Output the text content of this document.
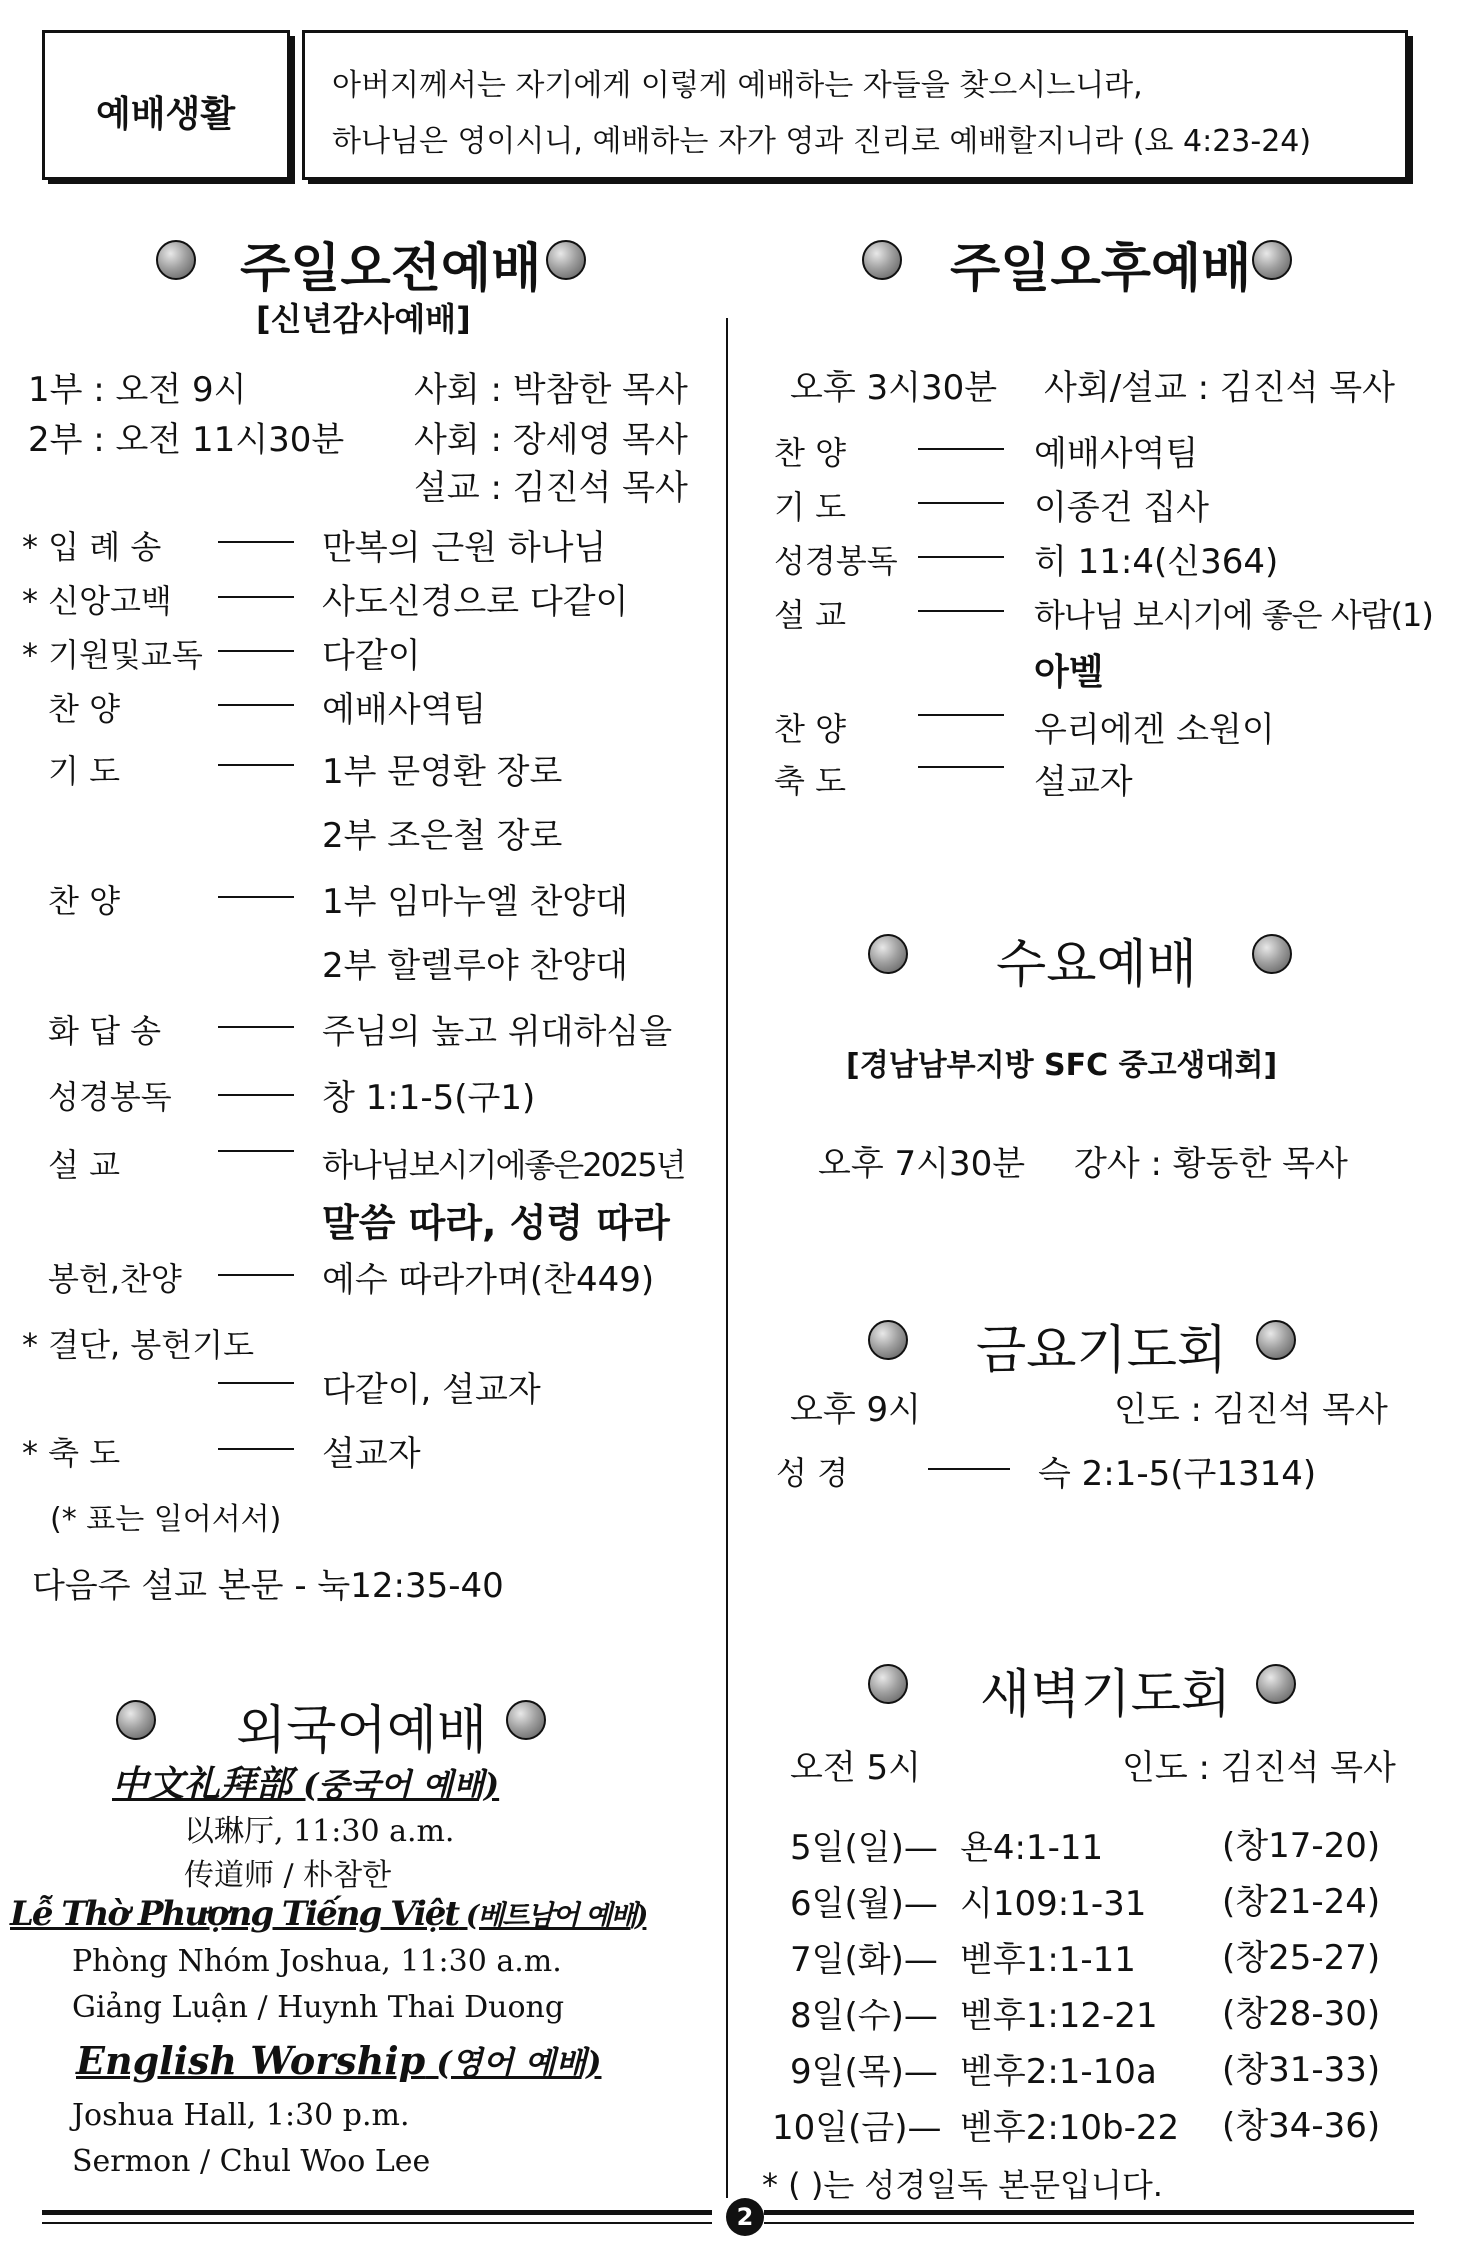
예배생활
아버지께서는 자기에게 이렇게 예배하는 자들을 찾으시느니라,
하나님은 영이시니, 예배하는 자가 영과 진리로 예배할지니라 (요 4:23-24)
주일오전예배
[신년감사예배]
1부 : 오전 9시	사회 : 박참한 목사
2부 : 오전 11시30분 사회 : 장세영 목사
설교 : 김진석 목사
* 입 례 송	만복의 근원 하나님
* 신앙고백	사도신경으로 다같이
* 기원및교독	다같이
찬 양	예배사역팀
기 도	1부 문영환 장로
2부 조은철 장로
찬 양	1부 임마누엘 찬양대
2부 할렐루야 찬양대
화 답 송	주님의 높고 위대하심을
성경봉독	창 1:1-5(구1)
설 교	하나님보시기에좋은2025년
말씀 따라, 성령 따라
봉헌,찬양	예수 따라가며(찬449)
* 결단, 봉헌기도
다같이, 설교자
* 축 도	설교자
(* 표는 일어서서)
다음주 설교 본문 - 눅12:35-40
외국어예배
中文礼拜部 (중국어 예배)
以琳厅, 11:30 a.m.
传道师 / 朴참한
Lễ Thờ Phượng Tiếng Việt (베트남어 예배)
Phòng Nhóm Joshua, 11:30 a.m.
Giảng Luận / Huynh Thai Duong
English Worship (영어 예배)
Joshua Hall, 1:30 p.m.
Sermon / Chul Woo Lee
주일오후예배
오후 3시30분 사회/설교 : 김진석 목사
찬 양	예배사역팀
기 도	이종건 집사
성경봉독	히 11:4(신364)
설 교	하나님 보시기에 좋은 사람(1)
아벨
찬 양	우리에겐 소원이
축 도	설교자
수요예배
[경남남부지방 SFC 중고생대회]
오후 7시30분 강사 : 황동한 목사
금요기도회
오후 9시	인도 : 김진석 목사
성 경	슥 2:1-5(구1314)
새벽기도회
오전 5시	인도 : 김진석 목사
5일(일)— 욘4:1-11	(창17-20)
6일(월)— 시109:1-31 (창21-24)
7일(화)— 벧후1:1-11	(창25-27)
8일(수)— 벧후1:12-21 (창28-30)
9일(목)— 벧후2:1-10a (창31-33)
10일(금)— 벧후2:10b-22 (창34-36)
* ( )는 성경일독 본문입니다.
2
